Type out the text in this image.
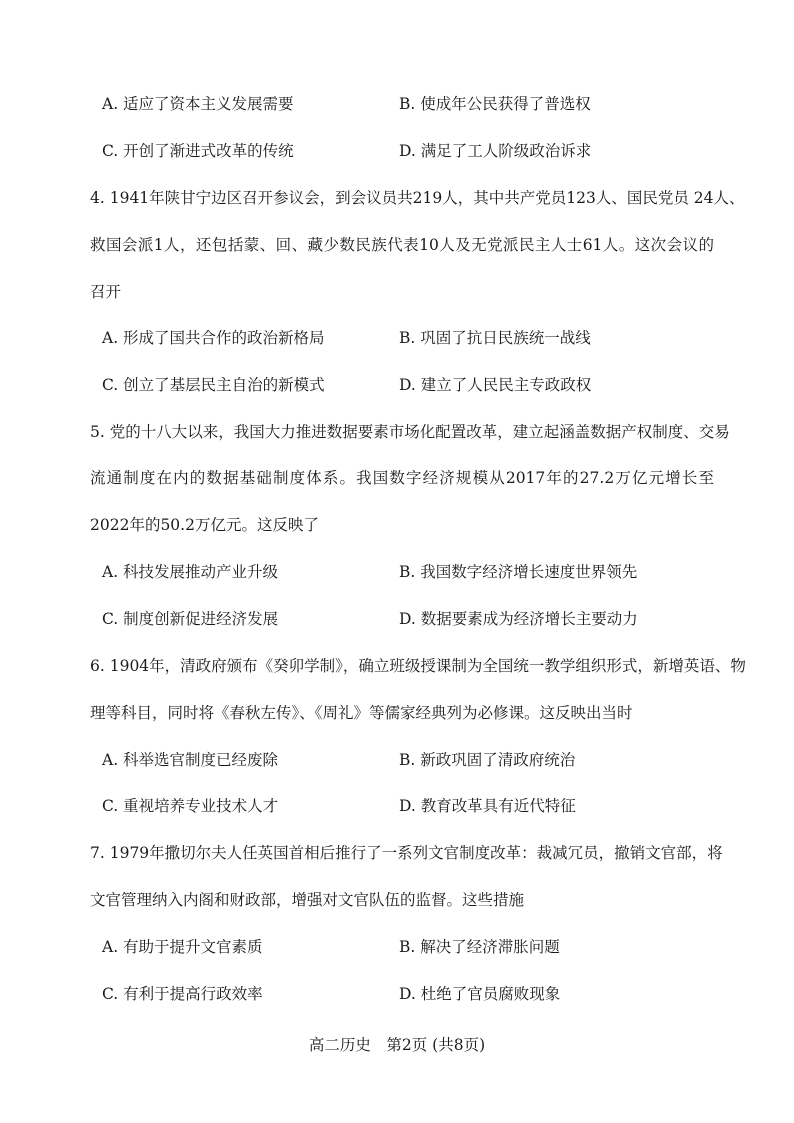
A. 适应了资本主义发展需要	B. 使成年公民获得了普选权
C. 开创了渐进式改革的传统	D. 满足了工人阶级政治诉求
4. 1941年陕甘宁边区召开参议会，到会议员共219人，其中共产党员123人、国民党员 24人、
救国会派1人，还包括蒙、回、藏少数民族代表10人及无党派民主人士61人。这次会议的
召开
A. 形成了国共合作的政治新格局	B. 巩固了抗日民族统一战线
C. 创立了基层民主自治的新模式	D. 建立了人民民主专政政权
5. 党的十八大以来，我国大力推进数据要素市场化配置改革，建立起涵盖数据产权制度、交易
流通制度在内的数据基础制度体系。我国数字经济规模从2017年的27.2万亿元增长至
2022年的50.2万亿元。这反映了
A. 科技发展推动产业升级	B. 我国数字经济增长速度世界领先
C. 制度创新促进经济发展	D. 数据要素成为经济增长主要动力
6. 1904年，清政府颁布《癸卯学制》，确立班级授课制为全国统一教学组织形式，新增英语、物
理等科目，同时将《春秋左传》、《周礼》等儒家经典列为必修课。这反映出当时
A. 科举选官制度已经废除	B. 新政巩固了清政府统治
C. 重视培养专业技术人才	D. 教育改革具有近代特征
7. 1979年撒切尔夫人任英国首相后推行了一系列文官制度改革：裁减冗员，撤销文官部，将
文官管理纳入内阁和财政部，增强对文官队伍的监督。这些措施
A. 有助于提升文官素质	B. 解决了经济滞胀问题
C. 有利于提高行政效率	D. 杜绝了官员腐败现象
高二历史　第2页 (共8页)
